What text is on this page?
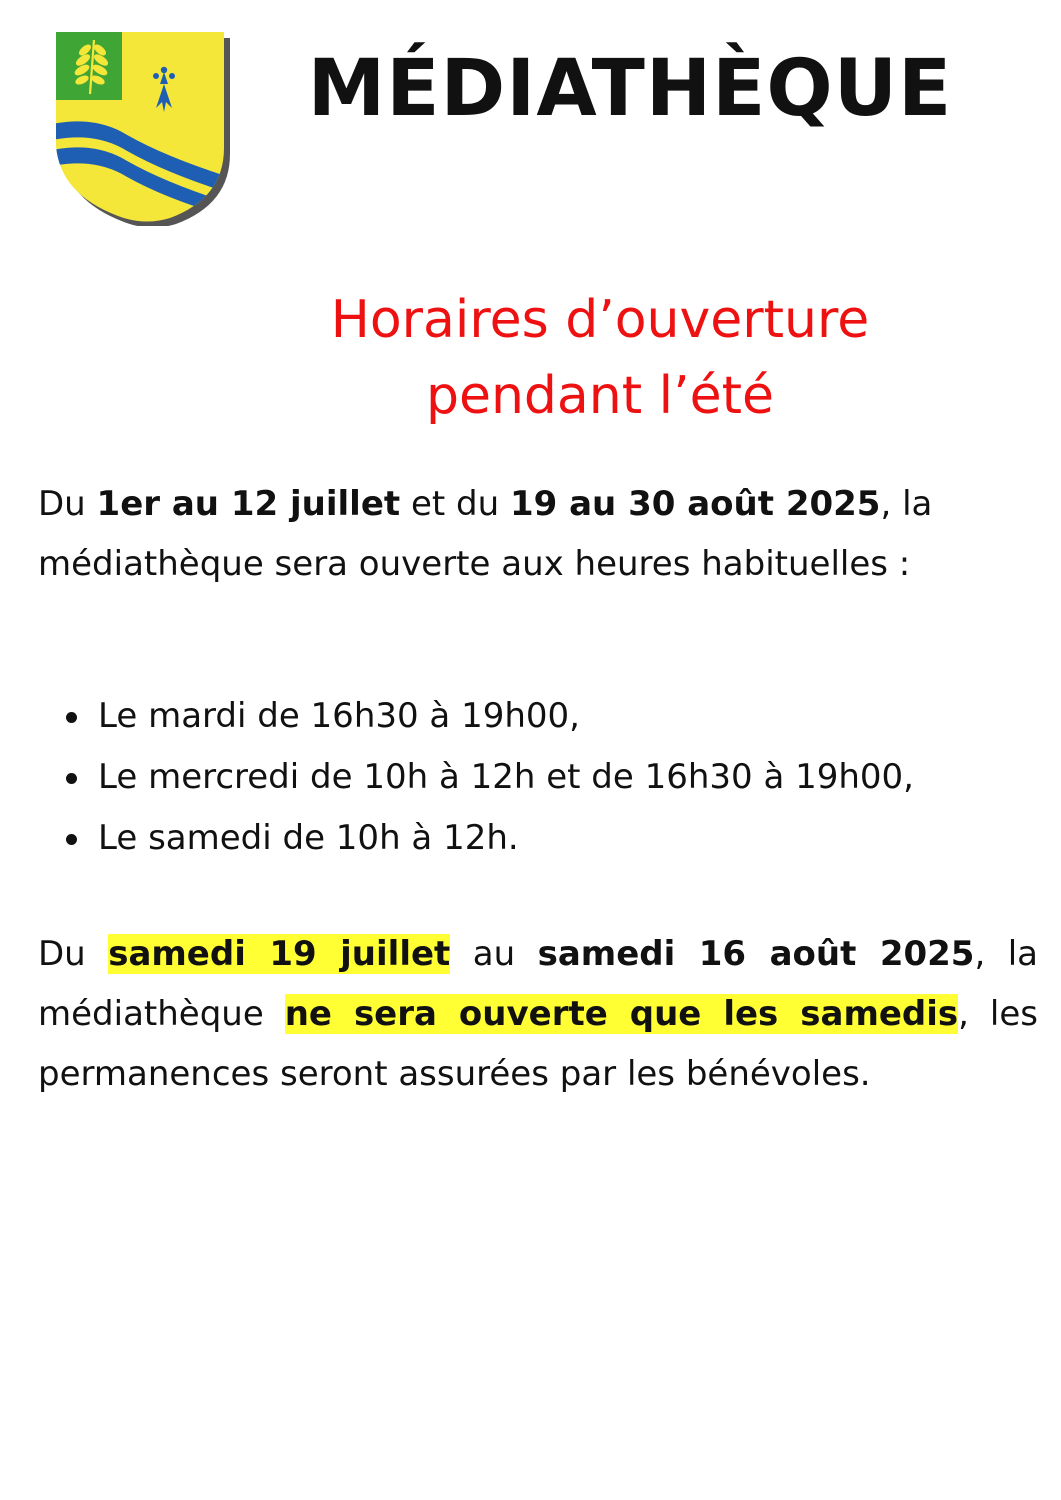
MÉDIATHÈQUE
Horaires d’ouverture
pendant l’été

Du 1er au 12 juillet et du 19 au 30 août 2025, la médiathèque sera ouverte aux heures habituelles :

Le mardi de 16h30 à 19h00,
Le mercredi de 10h à 12h et de 16h30 à 19h00,
Le samedi de 10h à 12h.

Du samedi 19 juillet au samedi 16 août 2025, la médiathèque ne sera ouverte que les samedis, les permanences seront assurées par les bénévoles.
